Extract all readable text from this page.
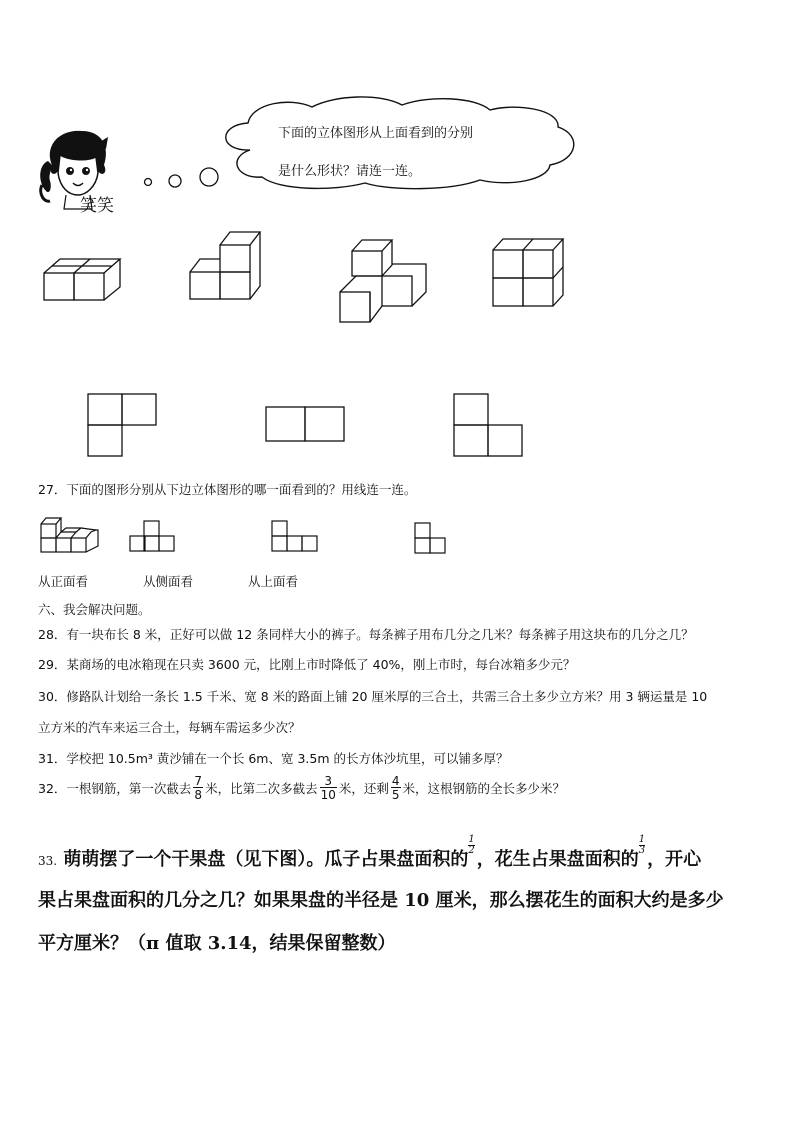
笑笑
下面的立体图形从上面看到的分别
是什么形状？请连一连。
27．下面的图形分别从下边立体图形的哪一面看到的？用线连一连。
从正面看	从侧面看	从上面看
六、我会解决问题。
28．有一块布长 8 米，正好可以做 12 条同样大小的裤子。每条裤子用布几分之几米？每条裤子用这块布的几分之几？
29．某商场的电冰箱现在只卖 3600 元，比刚上市时降低了 40%，刚上市时，每台冰箱多少元？
30．修路队计划给一条长 1.5 千米、宽 8 米的路面上铺 20 厘米厚的三合土，共需三合土多少立方米？用 3 辆运量是 10
立方米的汽车来运三合土，每辆车需运多少次？
31．学校把 10.5m³ 黄沙铺在一个长 6m、宽 3.5m 的长方体沙坑里，可以铺多厚？
32．一根钢筋，第一次截去 $\frac{7}{8}$ 米，比第二次多截去 $\frac{3}{10}$ 米，还剩 $\frac{4}{5}$ 米，这根钢筋的全长多少米？
33. 萌萌摆了一个干果盘（见下图）。瓜子占果盘面积的
$\frac{1}{2}$
，花生占果盘面积的
$\frac{1}{3}$
，开心
果占果盘面积的几分之几？如果果盘的半径是 10 厘米，那么摆花生的面积大约是多少
平方厘米？（π 值取 3.14，结果保留整数）
